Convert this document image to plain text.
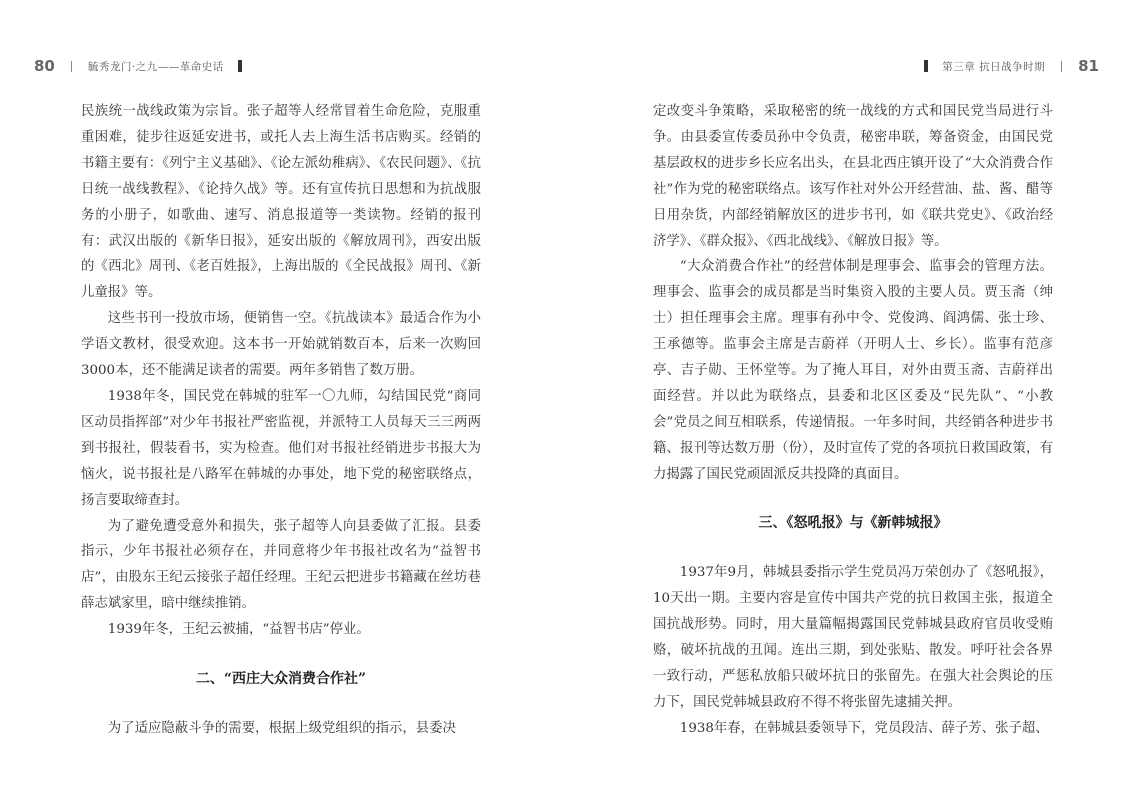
80	毓秀龙门·之九——革命史话

民族统一战线政策为宗旨。张子超等人经常冒着生命危险，克服重重困难，徒步往返延安进书，或托人去上海生活书店购买。经销的书籍主要有：《列宁主义基础》、《论左派幼稚病》、《农民问题》、《抗日统一战线教程》、《论持久战》等。还有宣传抗日思想和为抗战服务的小册子，如歌曲、速写、消息报道等一类读物。经销的报刊有：武汉出版的《新华日报》，延安出版的《解放周刊》，西安出版的《西北》周刊、《老百姓报》，上海出版的《全民战报》周刊、《新儿童报》等。

这些书刊一投放市场，便销售一空。《抗战读本》最适合作为小学语文教材，很受欢迎。这本书一开始就销数百本，后来一次购回3000本，还不能满足读者的需要。两年多销售了数万册。

1938年冬，国民党在韩城的驻军一〇九师，勾结国民党“商同区动员指挥部”对少年书报社严密监视，并派特工人员每天三三两两到书报社，假装看书，实为检查。他们对书报社经销进步书报大为恼火，说书报社是八路军在韩城的办事处，地下党的秘密联络点，扬言要取缔查封。

为了避免遭受意外和损失，张子超等人向县委做了汇报。县委指示，少年书报社必须存在，并同意将少年书报社改名为“益智书店”，由股东王纪云接张子超任经理。王纪云把进步书籍藏在丝坊巷薛志斌家里，暗中继续推销。

1939年冬，王纪云被捕，“益智书店”停业。

二、“西庄大众消费合作社”

为了适应隐蔽斗争的需要，根据上级党组织的指示，县委决

第三章 抗日战争时期 81

定改变斗争策略，采取秘密的统一战线的方式和国民党当局进行斗争。由县委宣传委员孙中令负责，秘密串联，筹备资金，由国民党基层政权的进步乡长应名出头，在县北西庄镇开设了“大众消费合作社”作为党的秘密联络点。该写作社对外公开经营油、盐、酱、醋等日用杂货，内部经销解放区的进步书刊，如《联共党史》、《政治经济学》、《群众报》、《西北战线》、《解放日报》等。

“大众消费合作社”的经营体制是理事会、监事会的管理方法。理事会、监事会的成员都是当时集资入股的主要人员。贾玉斋（绅士）担任理事会主席。理事有孙中令、党俊鸿、阎鸿儒、张士珍、王承德等。监事会主席是吉蔚祥（开明人士、乡长）。监事有范彦亭、吉子勋、王怀堂等。为了掩人耳目，对外由贾玉斋、吉蔚祥出面经营。并以此为联络点，县委和北区区委及“民先队”、“小教会”党员之间互相联系，传递情报。一年多时间，共经销各种进步书籍、报刊等达数万册（份），及时宣传了党的各项抗日救国政策，有力揭露了国民党顽固派反共投降的真面目。

三、《怒吼报》与《新韩城报》

1937年9月，韩城县委指示学生党员冯万荣创办了《怒吼报》，10天出一期。主要内容是宣传中国共产党的抗日救国主张，报道全国抗战形势。同时，用大量篇幅揭露国民党韩城县政府官员收受贿赂，破坏抗战的丑闻。连出三期，到处张贴、散发。呼吁社会各界一致行动，严惩私放船只破坏抗日的张留先。在强大社会舆论的压力下，国民党韩城县政府不得不将张留先逮捕关押。

1938年春，在韩城县委领导下，党员段洁、薛子芳、张子超、
